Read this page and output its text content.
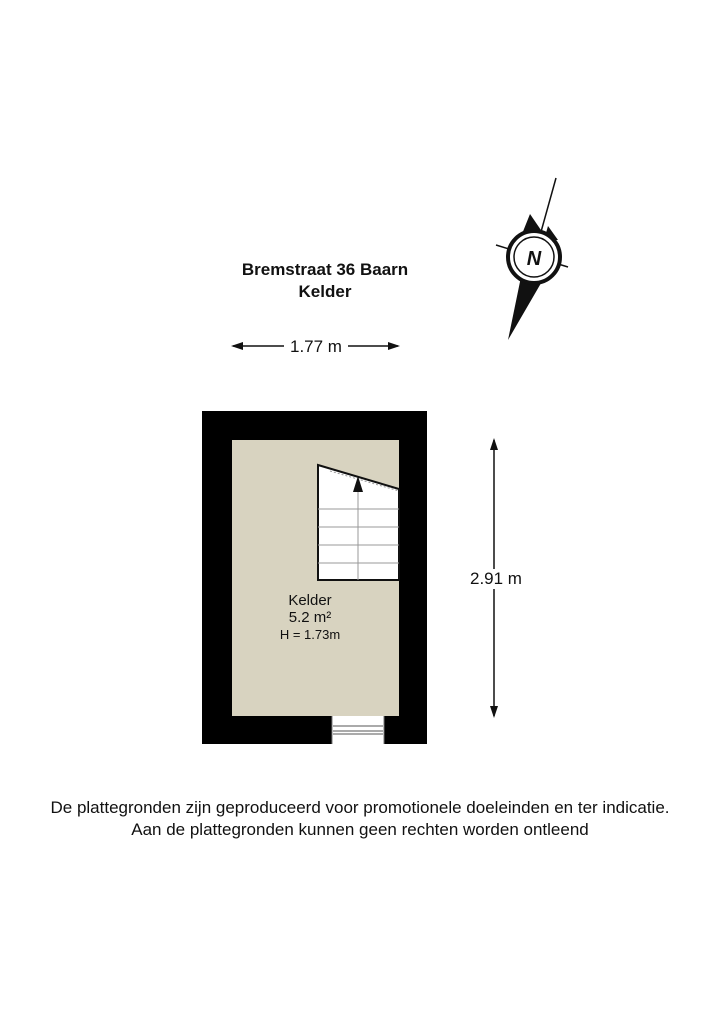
N
Bremstraat 36 Baarn
Kelder
1.77 m
2.91 m
Kelder
5.2 m²
H = 1.73m
De plattegronden zijn geproduceerd voor promotionele doeleinden en ter indicatie.
Aan de plattegronden kunnen geen rechten worden ontleend
